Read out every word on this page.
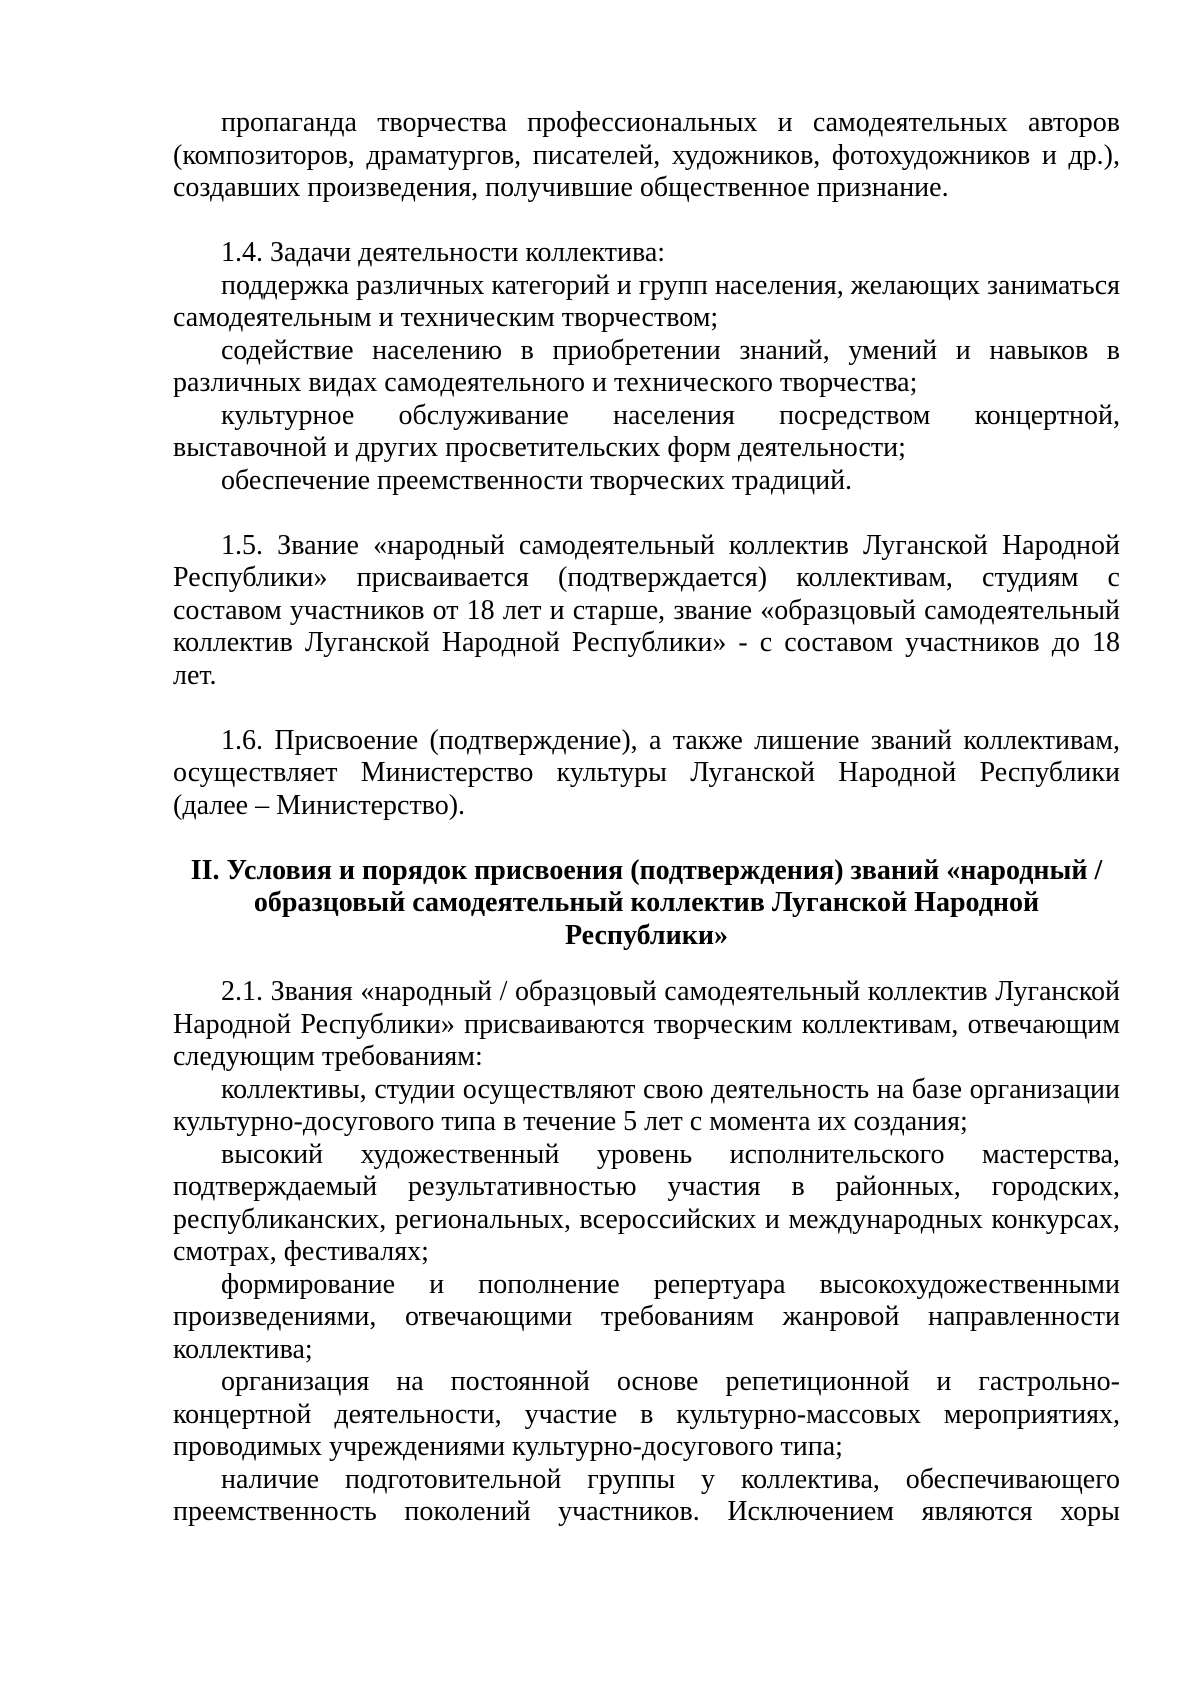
пропаганда творчества профессиональных и самодеятельных авторов (композиторов, драматургов, писателей, художников, фотохудожников и др.), создавших произведения, получившие общественное признание.

1.4. Задачи деятельности коллектива:

поддержка различных категорий и групп населения, желающих заниматься самодеятельным и техническим творчеством;

содействие населению в приобретении знаний, умений и навыков в различных видах самодеятельного и технического творчества;

культурное обслуживание населения посредством концертной, выставочной и других просветительских форм деятельности;

обеспечение преемственности творческих традиций.

1.5. Звание «народный самодеятельный коллектив Луганской Народной Республики» присваивается (подтверждается) коллективам, студиям с составом участников от 18 лет и старше, звание «образцовый самодеятельный коллектив Луганской Народной Республики» - с составом участников до 18 лет.

1.6. Присвоение (подтверждение), а также лишение званий коллективам, осуществляет Министерство культуры Луганской Народной Республики (далее – Министерство).

II. Условия и порядок присвоения (подтверждения) званий «народный / образцовый самодеятельный коллектив Луганской Народной Республики»

2.1. Звания «народный / образцовый самодеятельный коллектив Луганской Народной Республики» присваиваются творческим коллективам, отвечающим следующим требованиям:

коллективы, студии осуществляют свою деятельность на базе организации культурно-досугового типа в течение 5 лет с момента их создания;

высокий художественный уровень исполнительского мастерства, подтверждаемый результативностью участия в районных, городских, республиканских, региональных, всероссийских и международных конкурсах, смотрах, фестивалях;

формирование и пополнение репертуара высокохудожественными произведениями, отвечающими требованиям жанровой направленности коллектива;

организация на постоянной основе репетиционной и гастрольно-концертной деятельности, участие в культурно-массовых мероприятиях, проводимых учреждениями культурно-досугового типа;

наличие подготовительной группы у коллектива, обеспечивающего преемственность поколений участников. Исключением являются хоры
